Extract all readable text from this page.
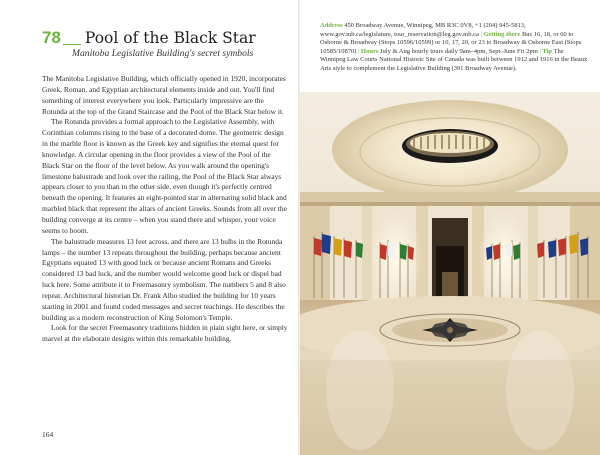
78 Pool of the Black Star
Manitoba Legislative Building's secret symbols

The Manitoba Legislative Building, which officially opened in 1920, incorporates Greek, Roman, and Egyptian architectural elements inside and out. You'll find something of interest everywhere you look. Particularly impressive are the Rotunda at the top of the Grand Staircase and the Pool of the Black Star below it.

The Rotunda provides a formal approach to the Legislative Assembly, with Corinthian columns rising to the base of a decorated dome. The geometric design in the marble floor is known as the Greek key and signifies the eternal quest for knowledge. A circular opening in the floor provides a view of the Pool of the Black Star on the floor of the level below. As you walk around the opening's limestone balustrade and look over the railing, the Pool of the Black Star always appears closer to you than to the other side, even though it's perfectly centred beneath the opening. It features an eight-pointed star in alternating solid black and marbled black that represent the altars of ancient Greeks. Sounds from all over the building converge at its centre – when you stand there and whisper, your voice seems to boom.

The balustrade measures 13 feet across, and there are 13 bulbs in the Rotunda lamps – the number 13 repeats throughout the building, perhaps because ancient Egyptians equated 13 with good luck or because ancient Romans and Greeks considered 13 bad luck, and the number would welcome good luck or dispel bad luck here. Some attribute it to Freemasonry symbolism. The numbers 5 and 8 also repeat. Architectural historian Dr. Frank Albo studied the building for 10 years starting in 2001 and found coded messages and secret teachings. He describes the building as a modern reconstruction of King Solomon's Temple.

Look for the secret Freemasonry traditions hidden in plain sight here, or simply marvel at the elaborate designs within this remarkable building.

164
Address 450 Broadway Avenue, Winnipeg, MB R3C 0V8, +1 (204) 945-5813, www.gov.mb.ca/legislature, tour_reservation@leg.gov.mb.ca | Getting there Bus 16, 18, or 60 to Osborne & Broadway (Stops 10596/10599) or 10, 17, 20, or 23 to Broadway & Osborne East (Stops 10585/10870) | Hours July & Aug hourly tours daily 9am–4pm, Sept–June Fri 2pm | Tip The Winnipeg Law Courts National Historic Site of Canada was built between 1912 and 1916 in the Beaux Arts style to complement the Legislative Building (391 Broadway Avenue).
